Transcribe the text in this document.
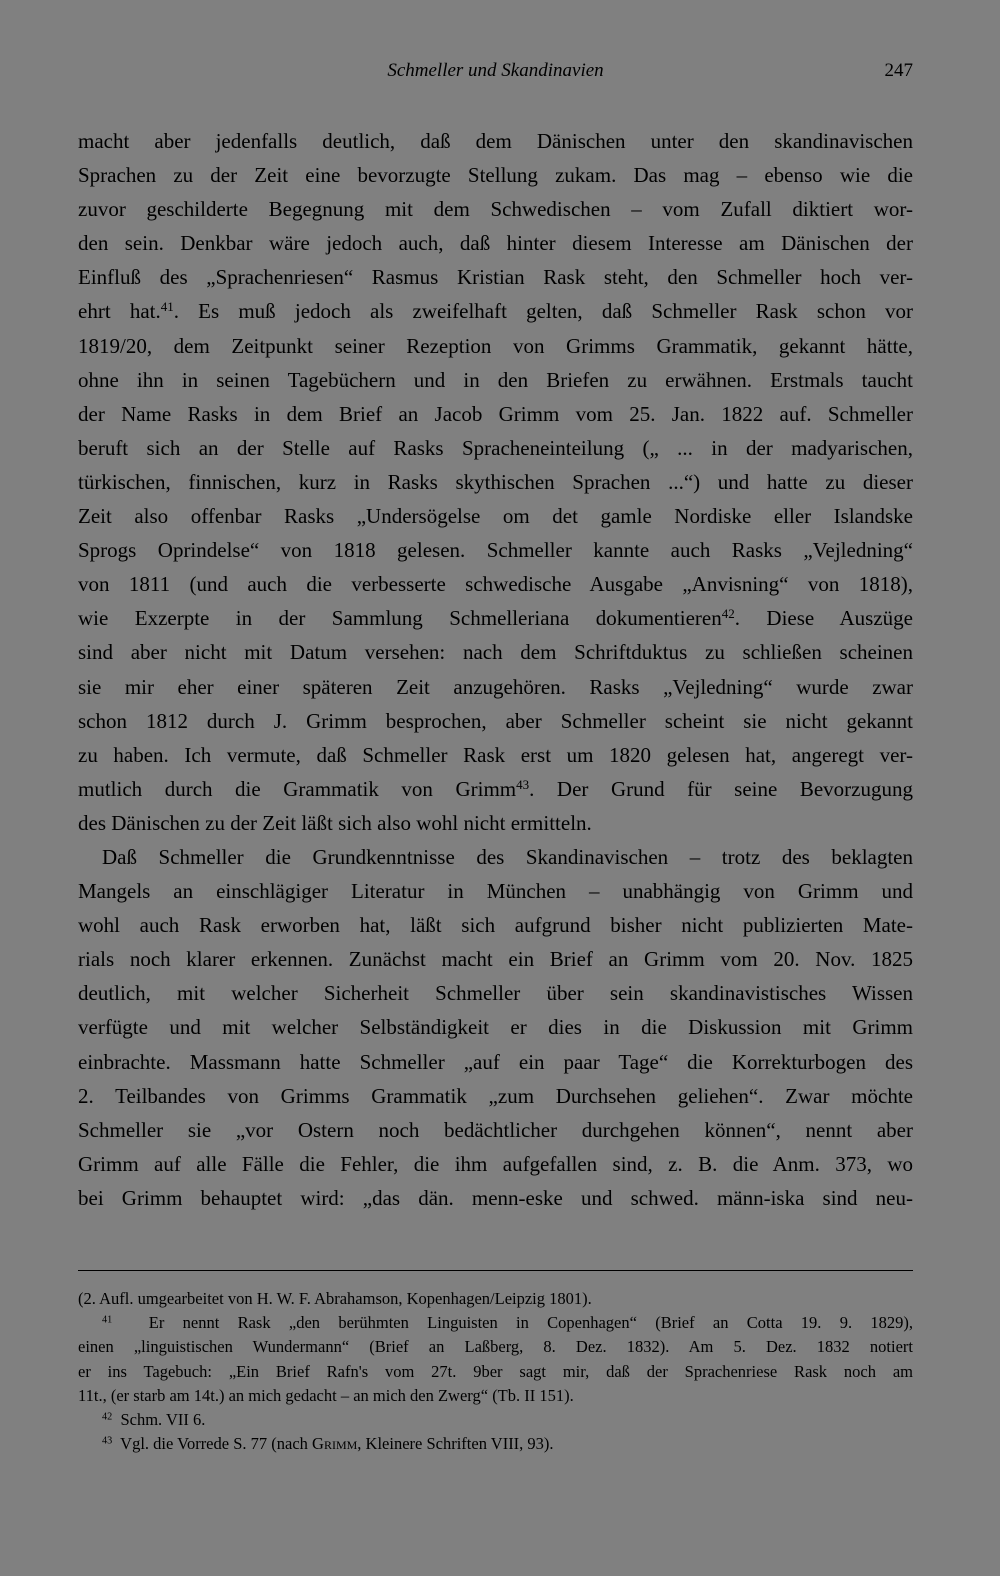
Schmeller und Skandinavien	247
macht aber jedenfalls deutlich, daß dem Dänischen unter den skandinavischen
Sprachen zu der Zeit eine bevorzugte Stellung zukam. Das mag – ebenso wie die
zuvor geschilderte Begegnung mit dem Schwedischen – vom Zufall diktiert wor-
den sein. Denkbar wäre jedoch auch, daß hinter diesem Interesse am Dänischen der
Einfluß des „Sprachenriesen“ Rasmus Kristian Rask steht, den Schmeller hoch ver-
ehrt hat.$^{41}$. Es muß jedoch als zweifelhaft gelten, daß Schmeller Rask schon vor
1819/20, dem Zeitpunkt seiner Rezeption von Grimms Grammatik, gekannt hätte,
ohne ihn in seinen Tagebüchern und in den Briefen zu erwähnen. Erstmals taucht
der Name Rasks in dem Brief an Jacob Grimm vom 25. Jan. 1822 auf. Schmeller
beruft sich an der Stelle auf Rasks Spracheneinteilung („ ... in der madyarischen,
türkischen, finnischen, kurz in Rasks skythischen Sprachen ...“) und hatte zu dieser
Zeit also offenbar Rasks „Undersögelse om det gamle Nordiske eller Islandske
Sprogs Oprindelse“ von 1818 gelesen. Schmeller kannte auch Rasks „Vejledning“
von 1811 (und auch die verbesserte schwedische Ausgabe „Anvisning“ von 1818),
wie Exzerpte in der Sammlung Schmelleriana dokumentieren$^{42}$. Diese Auszüge
sind aber nicht mit Datum versehen: nach dem Schriftduktus zu schließen scheinen
sie mir eher einer späteren Zeit anzugehören. Rasks „Vejledning“ wurde zwar
schon 1812 durch J. Grimm besprochen, aber Schmeller scheint sie nicht gekannt
zu haben. Ich vermute, daß Schmeller Rask erst um 1820 gelesen hat, angeregt ver-
mutlich durch die Grammatik von Grimm$^{43}$. Der Grund für seine Bevorzugung
des Dänischen zu der Zeit läßt sich also wohl nicht ermitteln.
Daß Schmeller die Grundkenntnisse des Skandinavischen – trotz des beklagten
Mangels an einschlägiger Literatur in München – unabhängig von Grimm und
wohl auch Rask erworben hat, läßt sich aufgrund bisher nicht publizierten Mate-
rials noch klarer erkennen. Zunächst macht ein Brief an Grimm vom 20. Nov. 1825
deutlich, mit welcher Sicherheit Schmeller über sein skandinavistisches Wissen
verfügte und mit welcher Selbständigkeit er dies in die Diskussion mit Grimm
einbrachte. Massmann hatte Schmeller „auf ein paar Tage“ die Korrekturbogen des
2. Teilbandes von Grimms Grammatik „zum Durchsehen geliehen“. Zwar möchte
Schmeller sie „vor Ostern noch bedächtlicher durchgehen können“, nennt aber
Grimm auf alle Fälle die Fehler, die ihm aufgefallen sind, z. B. die Anm. 373, wo
bei Grimm behauptet wird: „das dän. menn-eske und schwed. männ-iska sind neu-
(2. Aufl. umgearbeitet von H. W. F. Abrahamson, Kopenhagen/Leipzig 1801).
$^{41}$ Er nennt Rask „den berühmten Linguisten in Copenhagen“ (Brief an Cotta 19. 9. 1829),
einen „linguistischen Wundermann“ (Brief an Laßberg, 8. Dez. 1832). Am 5. Dez. 1832 notiert
er ins Tagebuch: „Ein Brief Rafn's vom 27t. 9ber sagt mir, daß der Sprachenriese Rask noch am
11t., (er starb am 14t.) an mich gedacht – an mich den Zwerg“ (Tb. II 151).
$^{42}$ Schm. VII 6.
$^{43}$ Vgl. die Vorrede S. 77 (nach Grimm, Kleinere Schriften VIII, 93).
